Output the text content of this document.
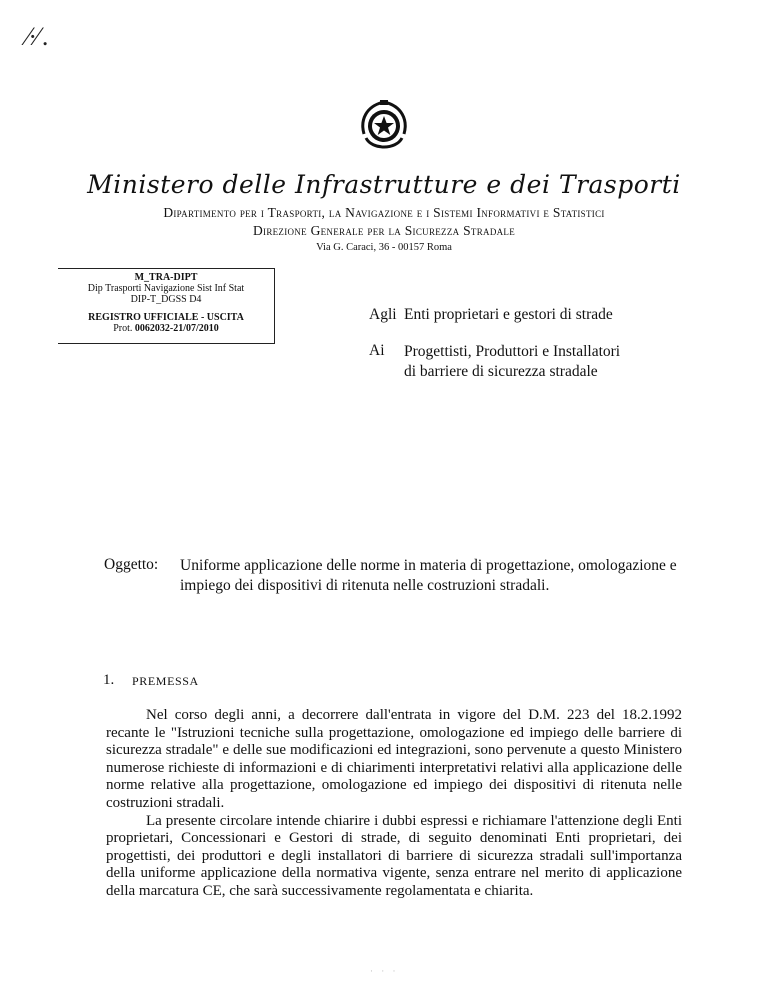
⁄·⁄ .
Ministero delle Infrastrutture e dei Trasporti
Dipartimento per i Trasporti, la Navigazione e i Sistemi Informativi e Statistici
Direzione Generale per la Sicurezza Stradale
Via G. Caraci, 36 - 00157 Roma
M_TRA-DIPT
Dip Trasporti Navigazione Sist Inf Stat
DIP-T_DGSS D4
REGISTRO UFFICIALE - USCITA
Prot. 0062032-21/07/2010
Agli Enti proprietari e gestori di strade
Ai Progettisti, Produttori e Installatori
di barriere di sicurezza stradale
Oggetto: Uniforme applicazione delle norme in materia di progettazione, omologazione e impiego dei dispositivi di ritenuta nelle costruzioni stradali.
1. PREMESSA

Nel corso degli anni, a decorrere dall'entrata in vigore del D.M. 223 del 18.2.1992 recante le "Istruzioni tecniche sulla progettazione, omologazione ed impiego delle barriere di sicurezza stradale" e delle sue modificazioni ed integrazioni, sono pervenute a questo Ministero numerose richieste di informazioni e di chiarimenti interpretativi relativi alla applicazione delle norme relative alla progettazione, omologazione ed impiego dei dispositivi di ritenuta nelle costruzioni stradali.

La presente circolare intende chiarire i dubbi espressi e richiamare l'attenzione degli Enti proprietari, Concessionari e Gestori di strade, di seguito denominati Enti proprietari, dei progettisti, dei produttori e degli installatori di barriere di sicurezza stradali sull'importanza della uniforme applicazione della normativa vigente, senza entrare nel merito di applicazione della marcatura CE, che sarà successivamente regolamentata e chiarita.

· · ·
